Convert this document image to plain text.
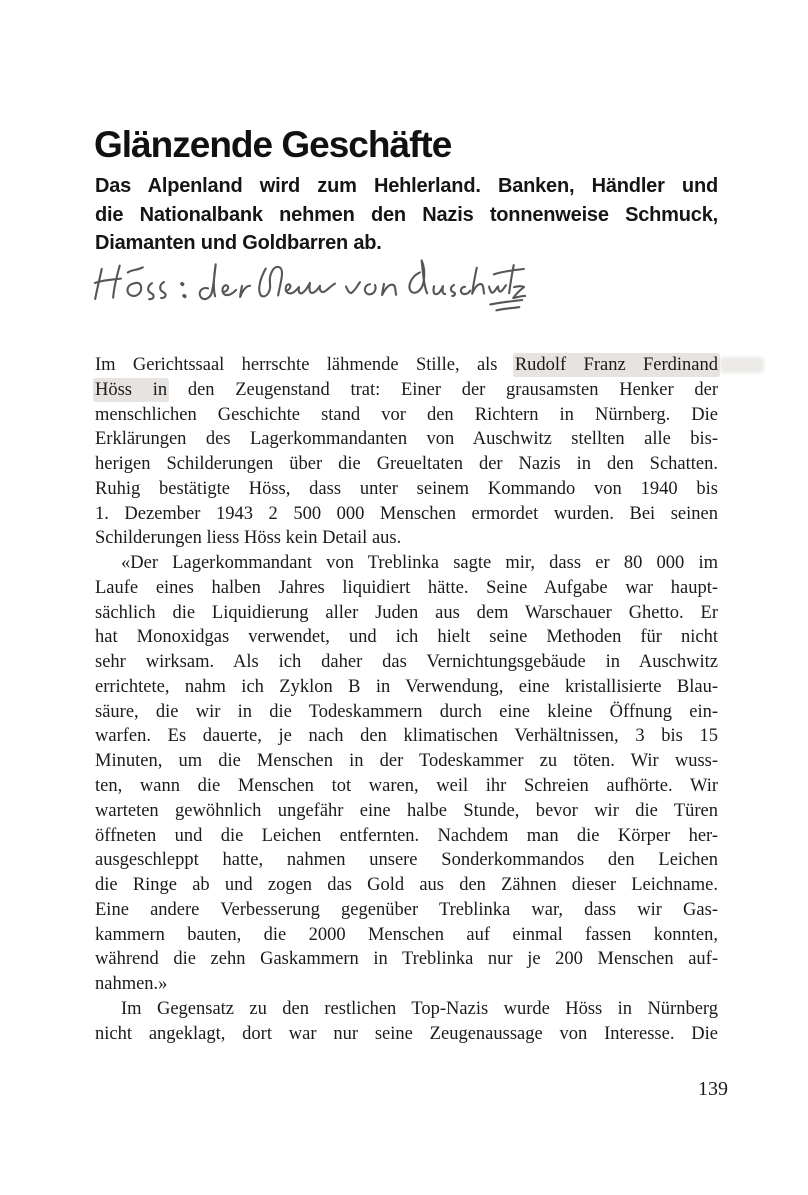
Glänzende Geschäfte
Das Alpenland wird zum Hehlerland. Banken, Händler und
die Nationalbank nehmen den Nazis tonnenweise Schmuck,
Diamanten und Goldbarren ab.
Im Gerichtssaal herrschte lähmende Stille, als Rudolf Franz Ferdinand
Höss in den Zeugenstand trat: Einer der grausamsten Henker der
menschlichen Geschichte stand vor den Richtern in Nürnberg. Die
Erklärungen des Lagerkommandanten von Auschwitz stellten alle bis-
herigen Schilderungen über die Greueltaten der Nazis in den Schatten.
Ruhig bestätigte Höss, dass unter seinem Kommando von 1940 bis
1. Dezember 1943 2 500 000 Menschen ermordet wurden. Bei seinen
Schilderungen liess Höss kein Detail aus.
«Der Lagerkommandant von Treblinka sagte mir, dass er 80 000 im
Laufe eines halben Jahres liquidiert hätte. Seine Aufgabe war haupt-
sächlich die Liquidierung aller Juden aus dem Warschauer Ghetto. Er
hat Monoxidgas verwendet, und ich hielt seine Methoden für nicht
sehr wirksam. Als ich daher das Vernichtungsgebäude in Auschwitz
errichtete, nahm ich Zyklon B in Verwendung, eine kristallisierte Blau-
säure, die wir in die Todeskammern durch eine kleine Öffnung ein-
warfen. Es dauerte, je nach den klimatischen Verhältnissen, 3 bis 15
Minuten, um die Menschen in der Todeskammer zu töten. Wir wuss-
ten, wann die Menschen tot waren, weil ihr Schreien aufhörte. Wir
warteten gewöhnlich ungefähr eine halbe Stunde, bevor wir die Türen
öffneten und die Leichen entfernten. Nachdem man die Körper her-
ausgeschleppt hatte, nahmen unsere Sonderkommandos den Leichen
die Ringe ab und zogen das Gold aus den Zähnen dieser Leichname.
Eine andere Verbesserung gegenüber Treblinka war, dass wir Gas-
kammern bauten, die 2000 Menschen auf einmal fassen konnten,
während die zehn Gaskammern in Treblinka nur je 200 Menschen auf-
nahmen.»
Im Gegensatz zu den restlichen Top-Nazis wurde Höss in Nürnberg
nicht angeklagt, dort war nur seine Zeugenaussage von Interesse. Die
139
